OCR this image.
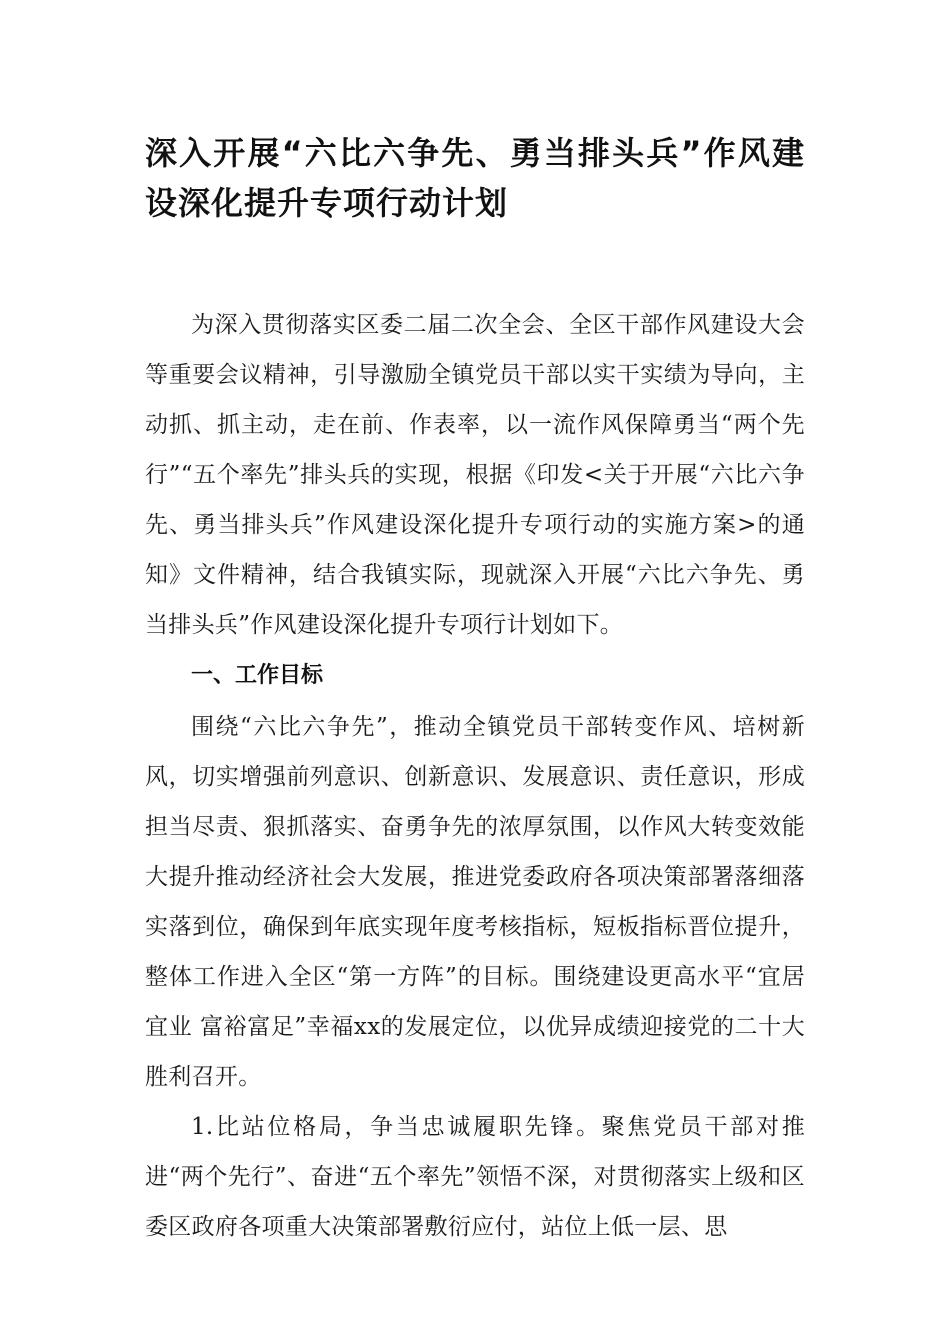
深入开展“六比六争先、勇当排头兵”作风建设深化提升专项行动计划

为深入贯彻落实区委二届二次全会、全区干部作风建设大会等重要会议精神，引导激励全镇党员干部以实干实绩为导向，主动抓、抓主动，走在前、作表率，以一流作风保障勇当“两个先行”“五个率先”排头兵的实现，根据《印发<关于开展“六比六争先、勇当排头兵”作风建设深化提升专项行动的实施方案>的通知》文件精神，结合我镇实际，现就深入开展“六比六争先、勇当排头兵”作风建设深化提升专项行计划如下。

一、工作目标

围绕“六比六争先”，推动全镇党员干部转变作风、培树新风，切实增强前列意识、创新意识、发展意识、责任意识，形成担当尽责、狠抓落实、奋勇争先的浓厚氛围，以作风大转变效能大提升推动经济社会大发展，推进党委政府各项决策部署落细落实落到位，确保到年底实现年度考核指标，短板指标晋位提升，整体工作进入全区“第一方阵”的目标。围绕建设更高水平“宜居宜业 富裕富足”幸福xx的发展定位，以优异成绩迎接党的二十大胜利召开。

1.比站位格局，争当忠诚履职先锋。聚焦党员干部对推进“两个先行”、奋进“五个率先”领悟不深，对贯彻落实上级和区委区政府各项重大决策部署敷衍应付，站位上低一层、思
